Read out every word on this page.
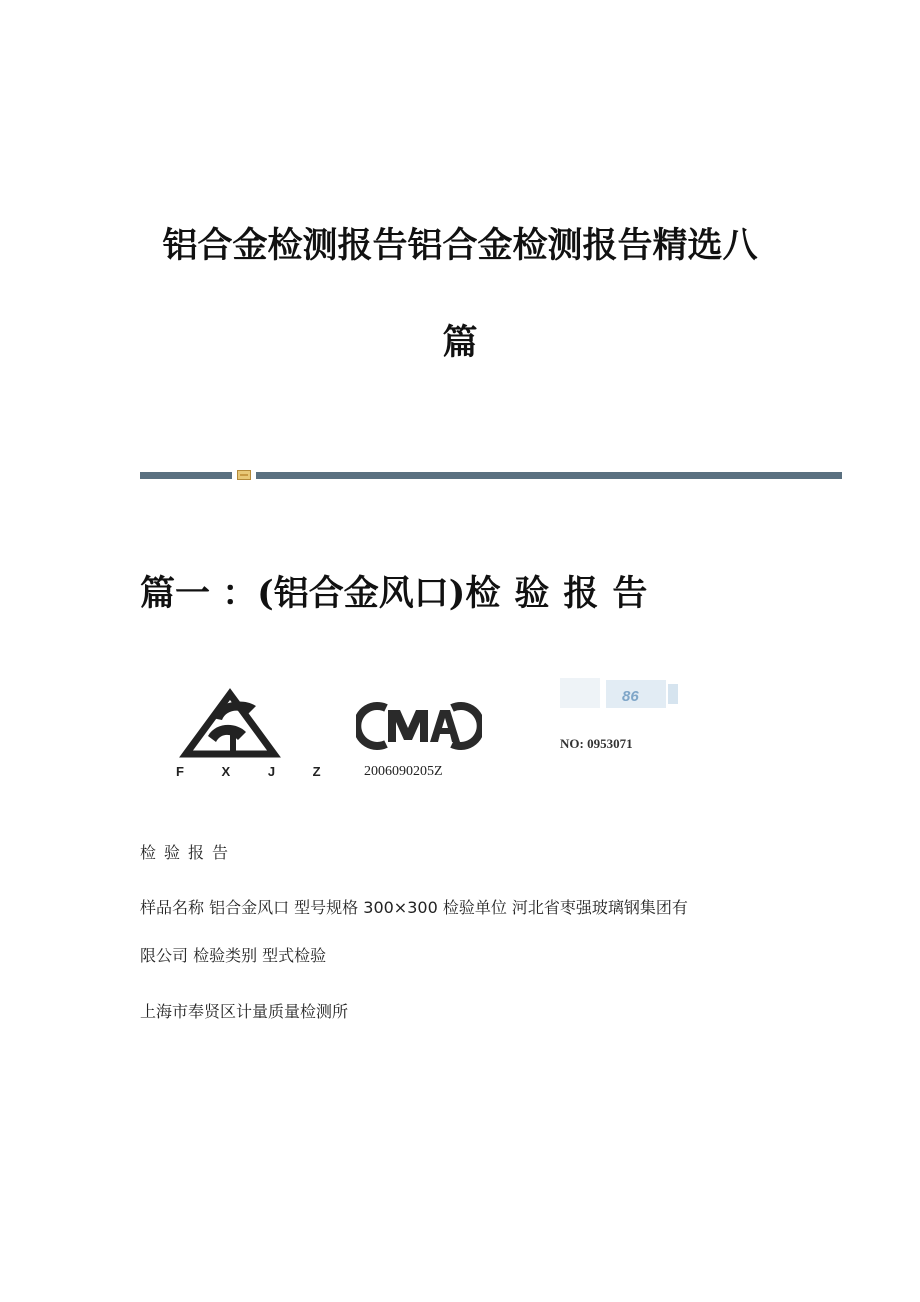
铝合金检测报告铝合金检测报告精选八
篇
篇一 ：(铝合金风口)检验报告
F X J Z 2006090205Z
86
NO: 0953071
检验报告
样品名称 铝合金风口 型号规格 300×300 检验单位 河北省枣强玻璃钢集团有
限公司 检验类别 型式检验
上海市奉贤区计量质量检测所
